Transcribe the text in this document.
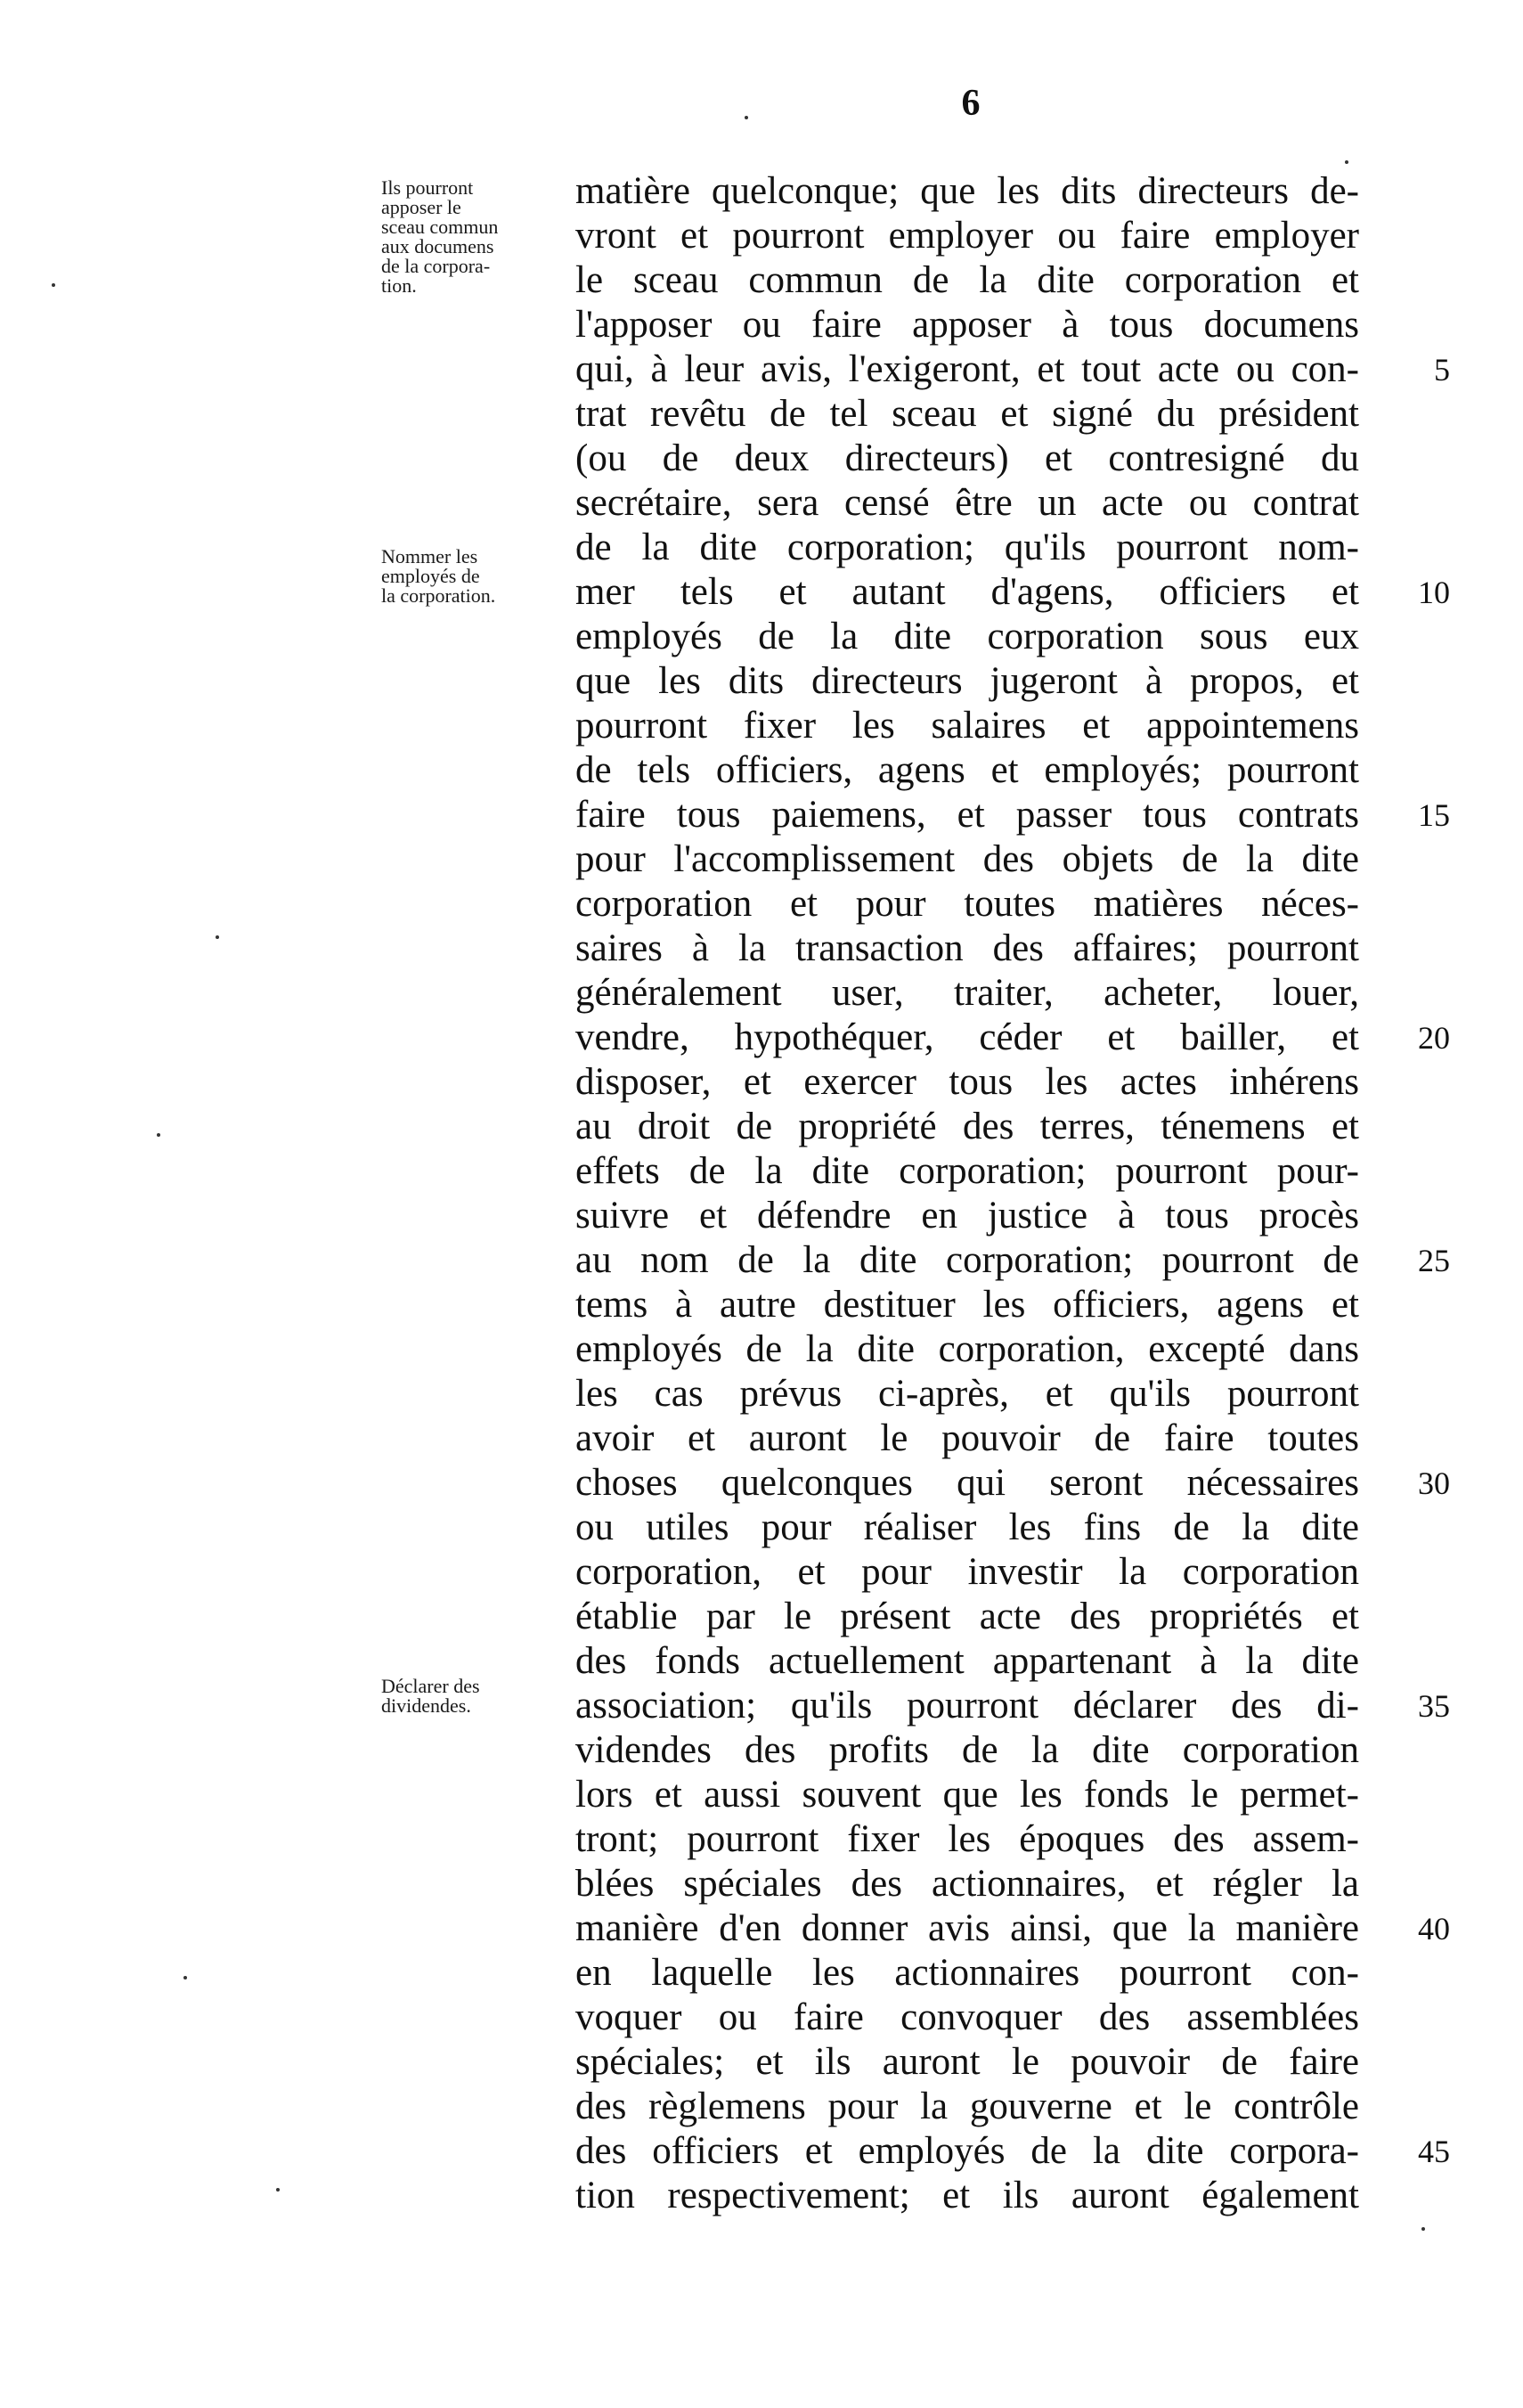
6
Ils pourront
apposer le
sceau commun
aux documens
de la corpora-
tion.
Nommer les
employés de
la corporation.
Déclarer des
dividendes.
matière quelconque; que les dits directeurs de-
vront et pourront employer ou faire employer
le sceau commun de la dite corporation et
l'apposer ou faire apposer à tous documens
qui, à leur avis, l'exigeront, et tout acte ou con-
trat revêtu de tel sceau et signé du président
(ou de deux directeurs) et contresigné du
secrétaire, sera censé être un acte ou contrat
de la dite corporation; qu'ils pourront nom-
mer tels et autant d'agens, officiers et
employés de la dite corporation sous eux
que les dits directeurs jugeront à propos, et
pourront fixer les salaires et appointemens
de tels officiers, agens et employés; pourront
faire tous paiemens, et passer tous contrats
pour l'accomplissement des objets de la dite
corporation et pour toutes matières néces-
saires à la transaction des affaires; pourront
généralement user, traiter, acheter, louer,
vendre, hypothéquer, céder et bailler, et
disposer, et exercer tous les actes inhérens
au droit de propriété des terres, ténemens et
effets de la dite corporation; pourront pour-
suivre et défendre en justice à tous procès
au nom de la dite corporation; pourront de
tems à autre destituer les officiers, agens et
employés de la dite corporation, excepté dans
les cas prévus ci-après, et qu'ils pourront
avoir et auront le pouvoir de faire toutes
choses quelconques qui seront nécessaires
ou utiles pour réaliser les fins de la dite
corporation, et pour investir la corporation
établie par le présent acte des propriétés et
des fonds actuellement appartenant à la dite
association; qu'ils pourront déclarer des di-
videndes des profits de la dite corporation
lors et aussi souvent que les fonds le permet-
tront; pourront fixer les époques des assem-
blées spéciales des actionnaires, et régler la
manière d'en donner avis ainsi, que la manière
en laquelle les actionnaires pourront con-
voquer ou faire convoquer des assemblées
spéciales; et ils auront le pouvoir de faire
des règlemens pour la gouverne et le contrôle
des officiers et employés de la dite corpora-
tion respectivement; et ils auront également
5
10
15
20
25
30
35
40
45
